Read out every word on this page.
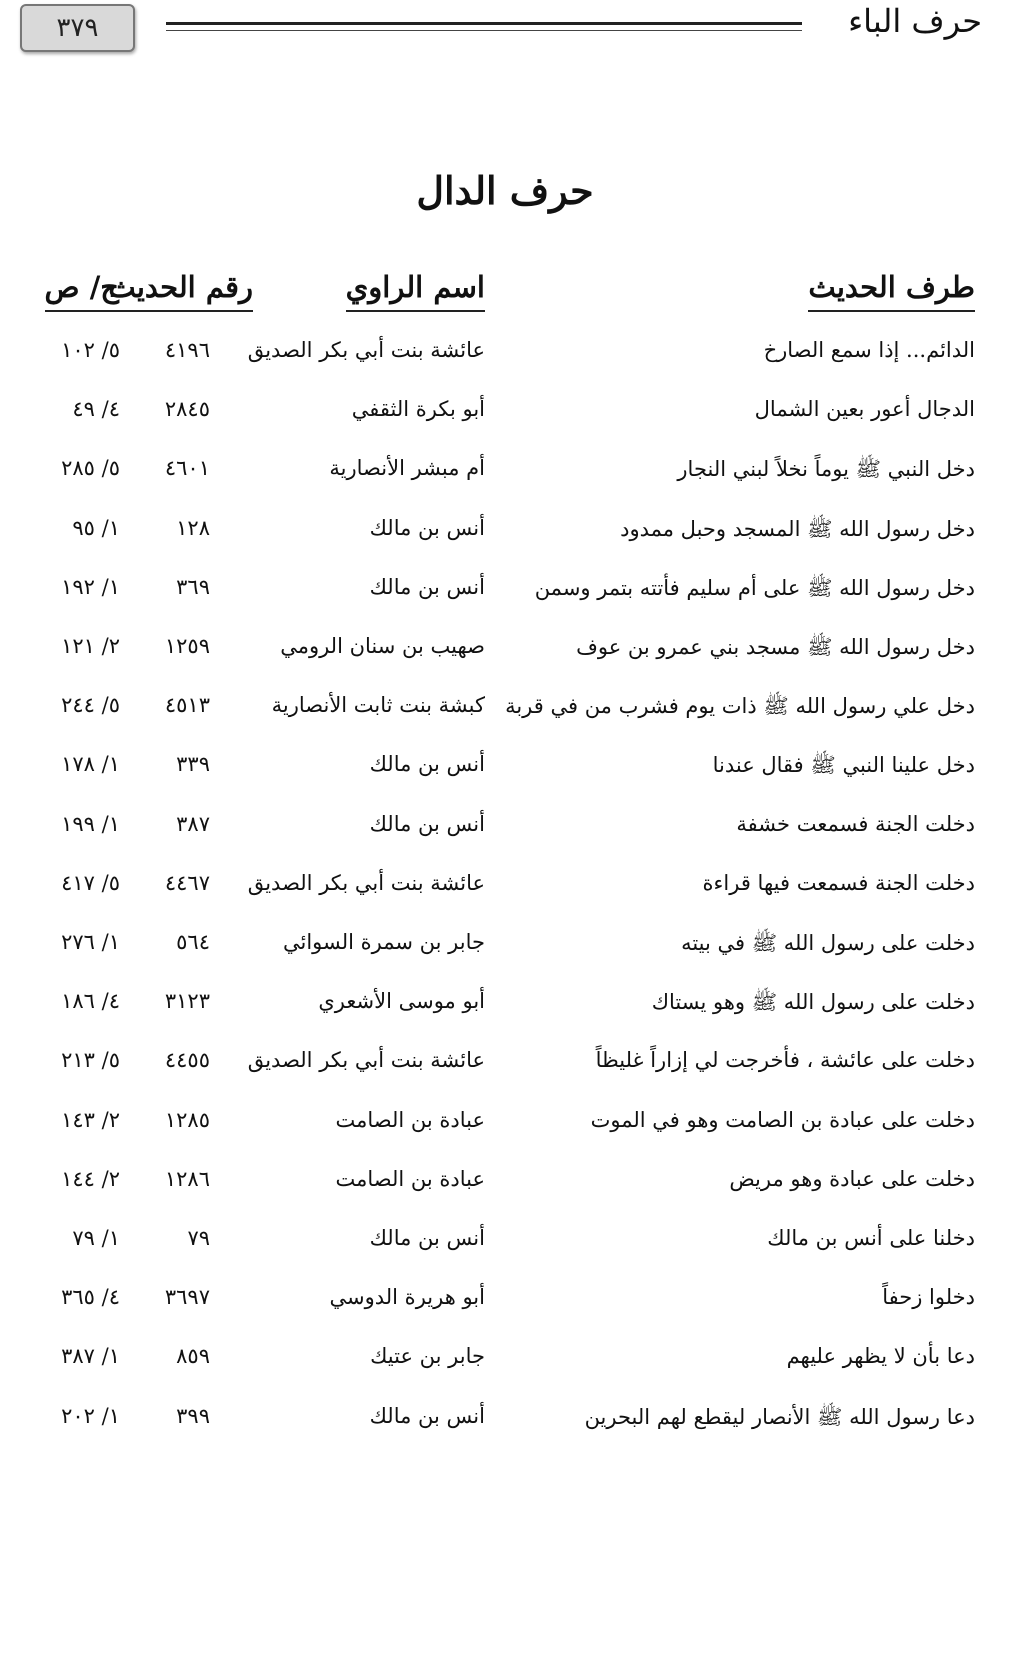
٣٧٩	حرف الباء
حرف الدال
طرف الحديث
اسم الراوي
رقم الحديث
ج/ ص
الدائم... إذا سمع الصارخ
عائشة بنت أبي بكر الصديق
٤١٩٦
٥/ ١٠٢
الدجال أعور بعين الشمال
أبو بكرة الثقفي
٢٨٤٥
٤/ ٤٩
دخل النبي ﷺ يوماً نخلاً لبني النجار
أم مبشر الأنصارية
٤٦٠١
٥/ ٢٨٥
دخل رسول الله ﷺ المسجد وحبل ممدود
أنس بن مالك
١٢٨
١/ ٩٥
دخل رسول الله ﷺ على أم سليم فأتته بتمر وسمن
أنس بن مالك
٣٦٩
١/ ١٩٢
دخل رسول الله ﷺ مسجد بني عمرو بن عوف
صهيب بن سنان الرومي
١٢٥٩
٢/ ١٢١
دخل علي رسول الله ﷺ ذات يوم فشرب من في قربة
كبشة بنت ثابت الأنصارية
٤٥١٣
٥/ ٢٤٤
دخل علينا النبي ﷺ فقال عندنا
أنس بن مالك
٣٣٩
١/ ١٧٨
دخلت الجنة فسمعت خشفة
أنس بن مالك
٣٨٧
١/ ١٩٩
دخلت الجنة فسمعت فيها قراءة
عائشة بنت أبي بكر الصديق
٤٤٦٧
٥/ ٤١٧
دخلت على رسول الله ﷺ في بيته
جابر بن سمرة السوائي
٥٦٤
١/ ٢٧٦
دخلت على رسول الله ﷺ وهو يستاك
أبو موسى الأشعري
٣١٢٣
٤/ ١٨٦
دخلت على عائشة ، فأخرجت لي إزاراً غليظاً
عائشة بنت أبي بكر الصديق
٤٤٥٥
٥/ ٢١٣
دخلت على عبادة بن الصامت وهو في الموت
عبادة بن الصامت
١٢٨٥
٢/ ١٤٣
دخلت على عبادة وهو مريض
عبادة بن الصامت
١٢٨٦
٢/ ١٤٤
دخلنا على أنس بن مالك
أنس بن مالك
٧٩
١/ ٧٩
دخلوا زحفاً
أبو هريرة الدوسي
٣٦٩٧
٤/ ٣٦٥
دعا بأن لا يظهر عليهم
جابر بن عتيك
٨٥٩
١/ ٣٨٧
دعا رسول الله ﷺ الأنصار ليقطع لهم البحرين
أنس بن مالك
٣٩٩
١/ ٢٠٢
